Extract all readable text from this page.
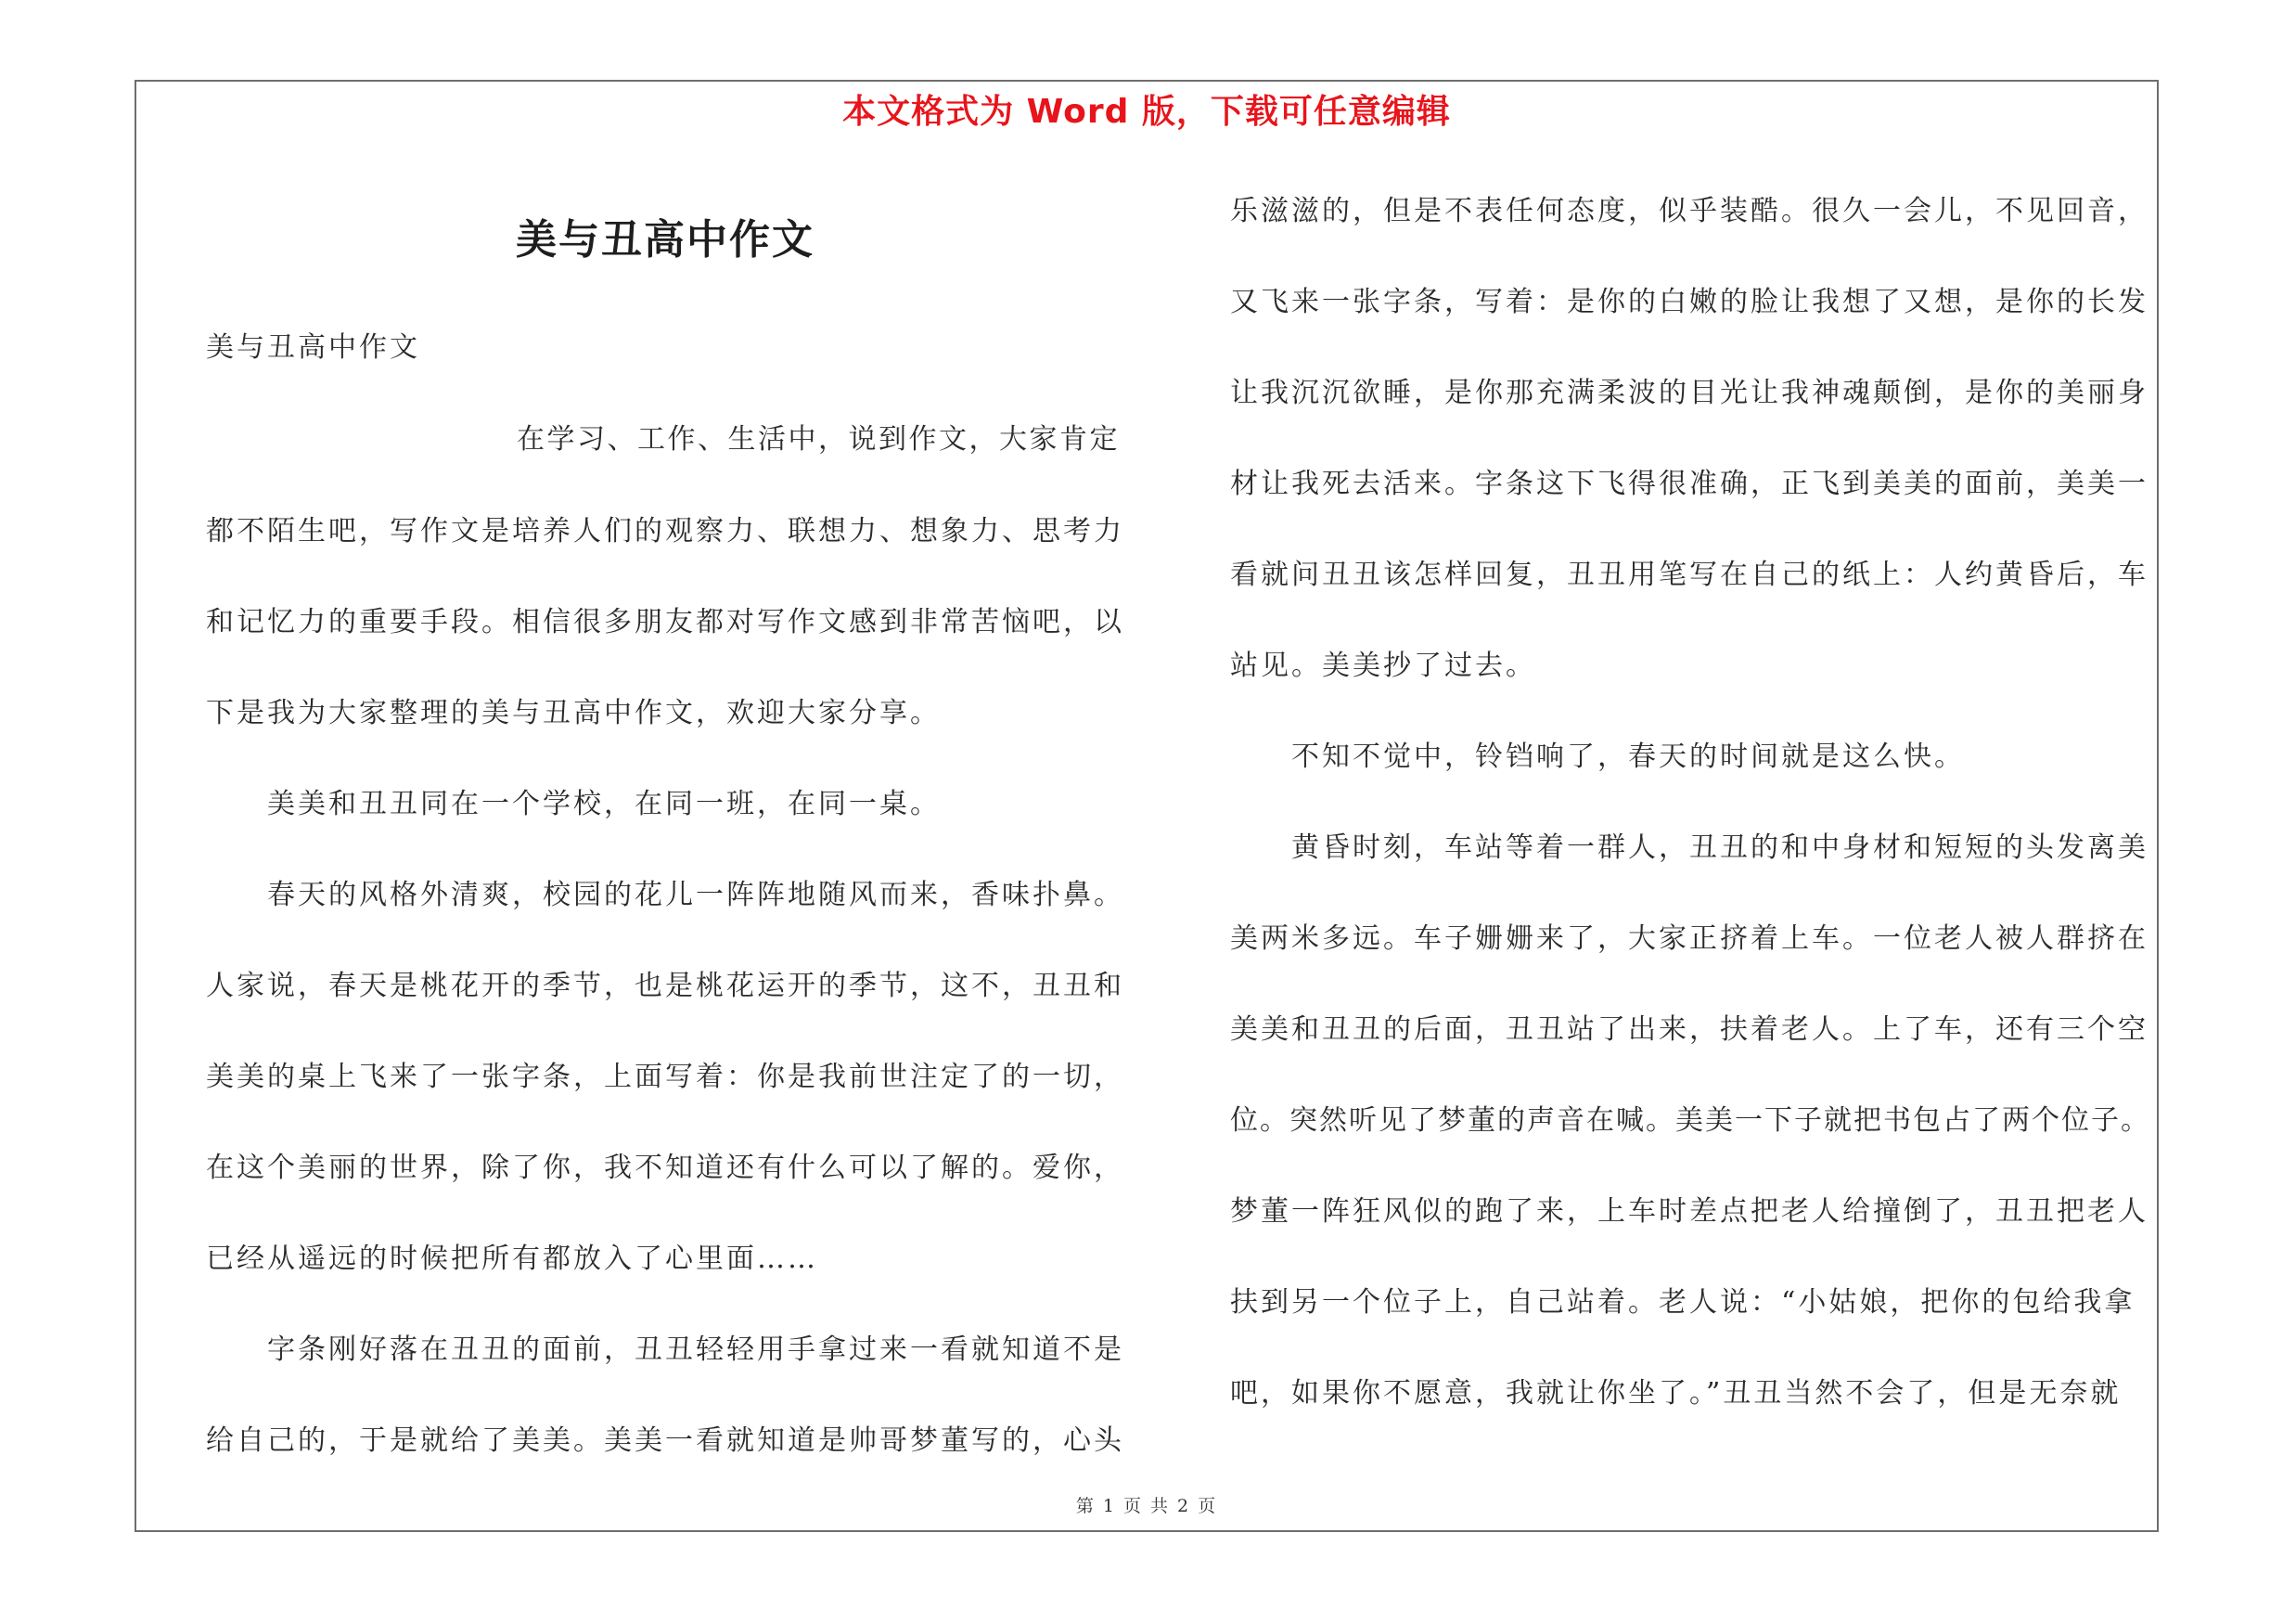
本文格式为 Word 版，下载可任意编辑
美与丑高中作文
美与丑高中作文
在学习、工作、生活中，说到作文，大家肯定
都不陌生吧，写作文是培养人们的观察力、联想力、想象力、思考力
和记忆力的重要手段。相信很多朋友都对写作文感到非常苦恼吧，以
下是我为大家整理的美与丑高中作文，欢迎大家分享。
美美和丑丑同在一个学校，在同一班，在同一桌。
春天的风格外清爽，校园的花儿一阵阵地随风而来，香味扑鼻。
人家说，春天是桃花开的季节，也是桃花运开的季节，这不，丑丑和
美美的桌上飞来了一张字条，上面写着：你是我前世注定了的一切，
在这个美丽的世界，除了你，我不知道还有什么可以了解的。爱你，
已经从遥远的时候把所有都放入了心里面……
字条刚好落在丑丑的面前，丑丑轻轻用手拿过来一看就知道不是
给自己的，于是就给了美美。美美一看就知道是帅哥梦董写的，心头
乐滋滋的，但是不表任何态度，似乎装酷。很久一会儿，不见回音，
又飞来一张字条，写着：是你的白嫩的脸让我想了又想，是你的长发
让我沉沉欲睡，是你那充满柔波的目光让我神魂颠倒，是你的美丽身
材让我死去活来。字条这下飞得很准确，正飞到美美的面前，美美一
看就问丑丑该怎样回复，丑丑用笔写在自己的纸上：人约黄昏后，车
站见。美美抄了过去。
不知不觉中，铃铛响了，春天的时间就是这么快。
黄昏时刻，车站等着一群人，丑丑的和中身材和短短的头发离美
美两米多远。车子姗姗来了，大家正挤着上车。一位老人被人群挤在
美美和丑丑的后面，丑丑站了出来，扶着老人。上了车，还有三个空
位。突然听见了梦董的声音在喊。美美一下子就把书包占了两个位子。
梦董一阵狂风似的跑了来，上车时差点把老人给撞倒了，丑丑把老人
扶到另一个位子上，自己站着。老人说：“小姑娘，把你的包给我拿
吧，如果你不愿意，我就让你坐了。”丑丑当然不会了，但是无奈就
第 1 页 共 2 页
